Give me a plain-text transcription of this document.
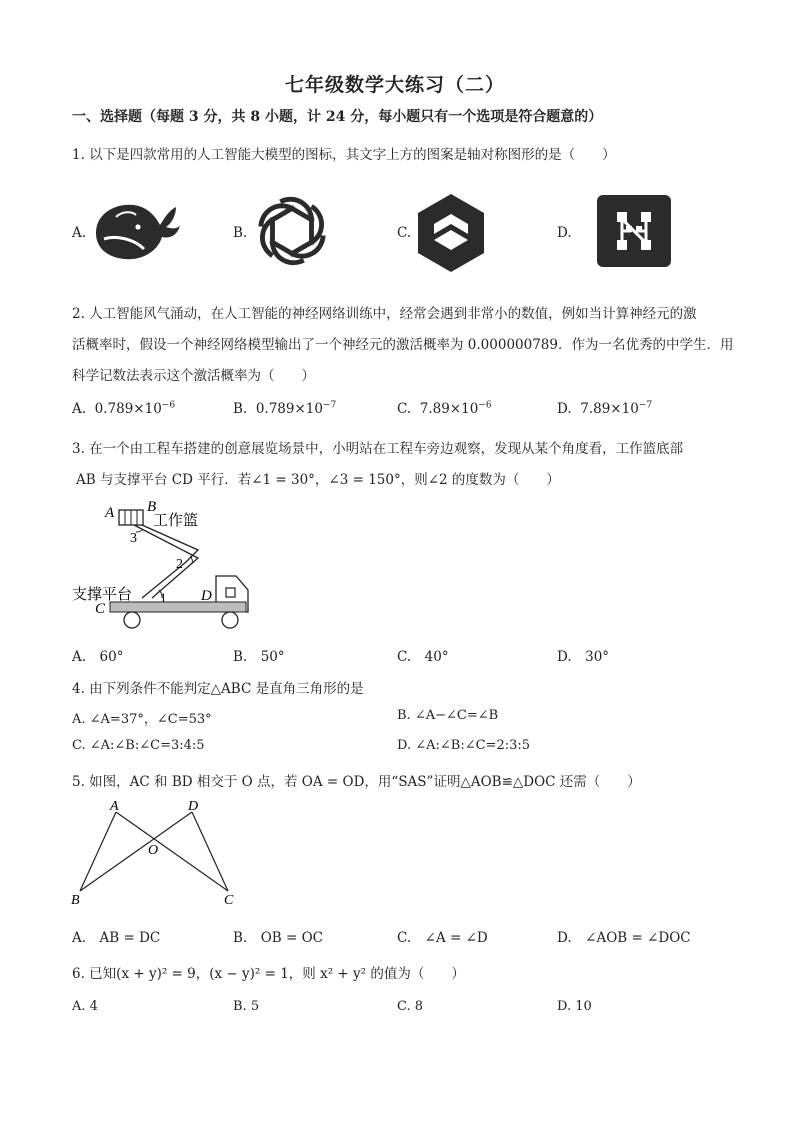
七年级数学大练习（二）
一、选择题（每题 3 分，共 8 小题，计 24 分，每小题只有一个选项是符合题意的）
1. 以下是四款常用的人工智能大模型的图标，其文字上方的图案是轴对称图形的是（　　）
A.	B.	C.	D.
2. 人工智能风气涌动，在人工智能的神经网络训练中，经常会遇到非常小的数值，例如当计算神经元的激
活概率时，假设一个神经网络模型输出了一个神经元的激活概率为 0.000000789．作为一名优秀的中学生．用
科学记数法表示这个激活概率为（　　）
A. $0.789\times 10^{-6}$	B. $0.789\times 10^{-7}$	C. $7.89\times 10^{-6}$	D. $7.89\times 10^{-7}$
3. 在一个由工程车搭建的创意展览场景中，小明站在工程车旁边观察，发现从某个角度看，工作篮底部
AB 与支撑平台 CD 平行．若∠1 = 30°，∠3 = 150°，则∠2 的度数为（　　）
A B
工作篮
3
2
1
支撑平台
C
D
A.　60°	B.　50°	C.　40°	D.　30°
4. 由下列条件不能判定△ABC 是直角三角形的是
A. ∠A=37°，∠C=53°	B. ∠A−∠C=∠B
C. ∠A:∠B:∠C=3:4:5	D. ∠A:∠B:∠C=2:3:5
5. 如图，AC 和 BD 相交于 O 点，若 OA = OD，用“SAS”证明△AOB≌△DOC 还需（　　）
A	D
O
B	C
A.　AB = DC	B.　OB = OC	C.　∠A = ∠D	D.　∠AOB = ∠DOC
6. 已知(x + y)² = 9，(x − y)² = 1，则 x² + y² 的值为（　　）
A. 4	B. 5	C. 8	D. 10
